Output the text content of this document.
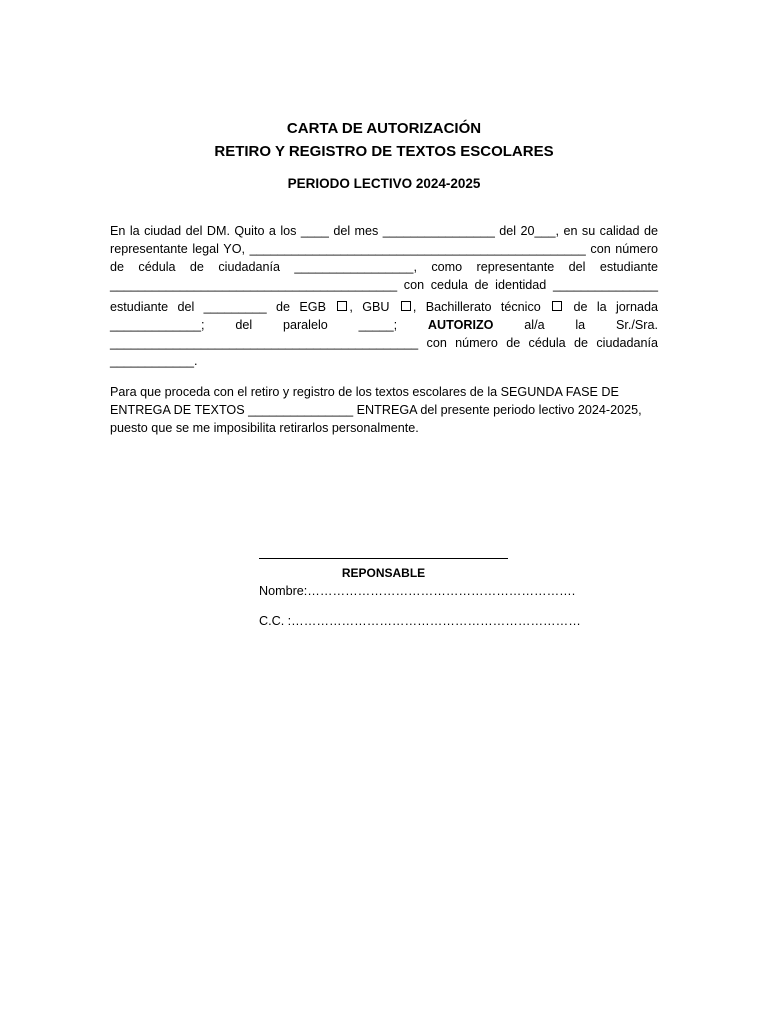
CARTA DE AUTORIZACIÓN
RETIRO Y REGISTRO DE TEXTOS ESCOLARES
PERIODO LECTIVO 2024-2025
En la ciudad del DM. Quito a los ____ del mes ________________ del 20___, en su calidad de
representante legal YO, ________________________________________________ con número
de cédula de ciudadanía _________________, como representante del estudiante
_________________________________________ con cedula de identidad _______________
estudiante del _________ de EGB , GBU , Bachillerato técnico  de la jornada
_____________; del paralelo _____; AUTORIZO al/a la Sr./Sra.
____________________________________________ con número de cédula de ciudadanía
____________.
Para que proceda con el retiro y registro de los textos escolares de la SEGUNDA FASE DE
ENTREGA DE TEXTOS _______________ ENTREGA del presente periodo lectivo 2024-2025,
puesto que se me imposibilita retirarlos personalmente.
REPONSABLE
Nombre:……………………………………………………….
C.C. :……………………………………………………………
